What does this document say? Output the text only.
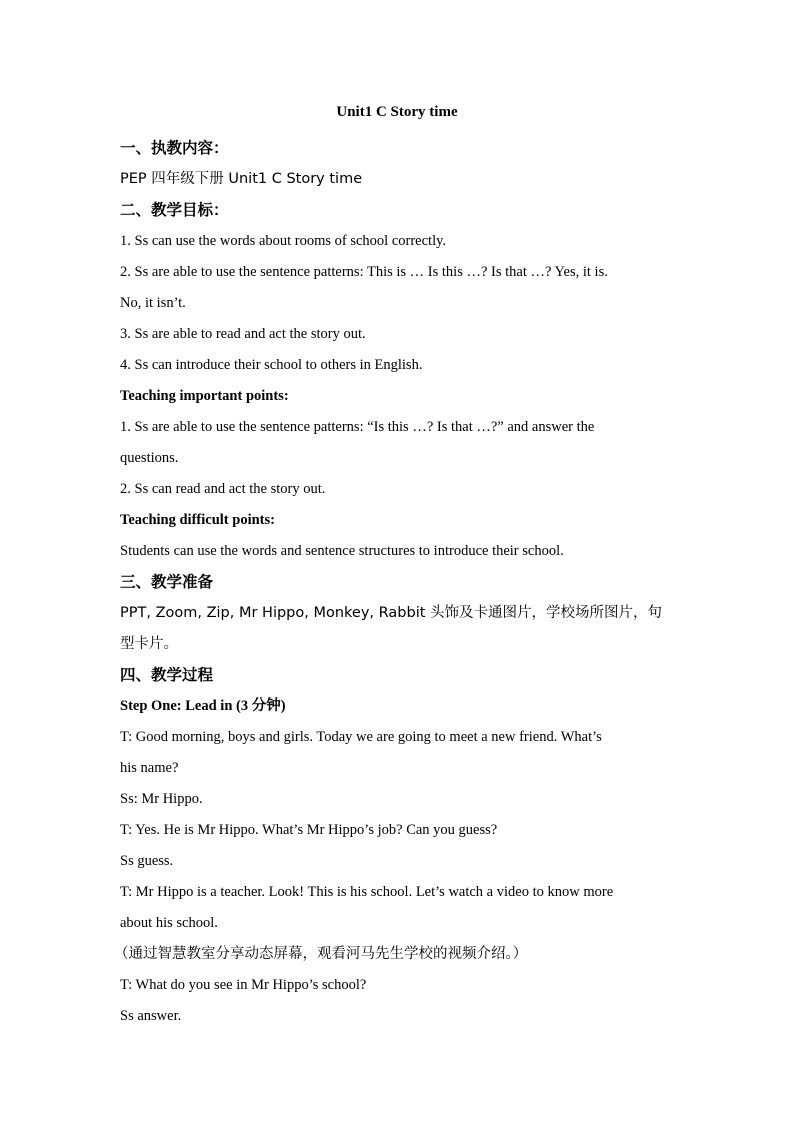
Unit1 C Story time
一、执教内容：
PEP 四年级下册 Unit1 C Story time
二、教学目标：
1. Ss can use the words about rooms of school correctly.
2. Ss are able to use the sentence patterns: This is … Is this …? Is that …? Yes, it is.
No, it isn’t.
3. Ss are able to read and act the story out.
4. Ss can introduce their school to others in English.
Teaching important points:
1. Ss are able to use the sentence patterns: “Is this …? Is that …?” and answer the
questions.
2. Ss can read and act the story out.
Teaching difficult points:
Students can use the words and sentence structures to introduce their school.
三、教学准备
PPT, Zoom, Zip, Mr Hippo, Monkey, Rabbit 头饰及卡通图片，学校场所图片，句
型卡片。
四、教学过程
Step One: Lead in (3 分钟)
T: Good morning, boys and girls. Today we are going to meet a new friend. What’s
his name?
Ss: Mr Hippo.
T: Yes. He is Mr Hippo. What’s Mr Hippo’s job? Can you guess?
Ss guess.
T: Mr Hippo is a teacher. Look! This is his school. Let’s watch a video to know more
about his school.
（通过智慧教室分享动态屏幕，观看河马先生学校的视频介绍。）
T: What do you see in Mr Hippo’s school?
Ss answer.
